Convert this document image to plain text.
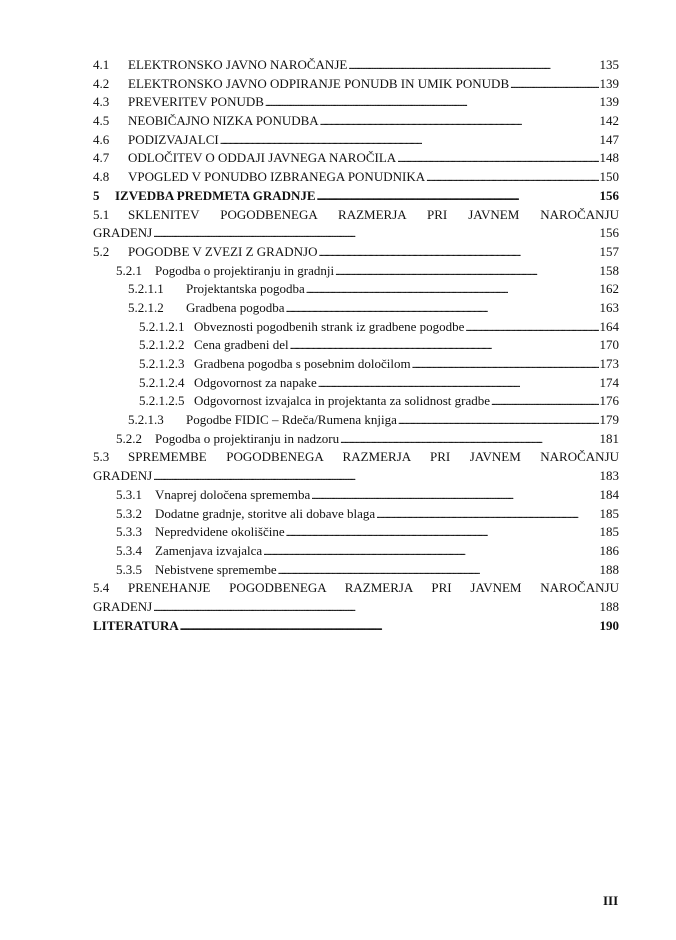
4.1	ELEKTRONSKO JAVNO NAROČANJE . . .	135
4.2	ELEKTRONSKO JAVNO ODPIRANJE PONUDB IN UMIK PONUDB . . .	139
4.3	PREVERITEV PONUDB . . .	139
4.5	NEOBIČAJNO NIZKA PONUDBA . . .	142
4.6	PODIZVAJALCI . . .	147
4.7	ODLOČITEV O ODDAJI JAVNEGA NAROČILA . . .	148
4.8	VPOGLED V PONUDBO IZBRANEGA PONUDNIKA . . .	150
5	IZVEDBA PREDMETA GRADNJE . . .	156
5.1 SKLENITEV POGODBENEGA RAZMERJA PRI JAVNEM NAROČANJU
GRADENJ . . .	156
5.2	POGODBE V ZVEZI Z GRADNJO . . .	157
5.2.1	Pogodba o projektiranju in gradnji . . .	158
5.2.1.1	Projektantska pogodba . . .	162
5.2.1.2	Gradbena pogodba . . .	163
5.2.1.2.1 Obveznosti pogodbenih strank iz gradbene pogodbe . . .	164
5.2.1.2.2 Cena gradbeni del . . .	170
5.2.1.2.3 Gradbena pogodba s posebnim določilom . . .	173
5.2.1.2.4 Odgovornost za napake . . .	174
5.2.1.2.5 Odgovornost izvajalca in projektanta za solidnost gradbe . . .	176
5.2.1.3	Pogodbe FIDIC – Rdeča/Rumena knjiga . . .	179
5.2.2	Pogodba o projektiranju in nadzoru . . .	181
5.3 SPREMEMBE POGODBENEGA RAZMERJA PRI JAVNEM NAROČANJU
GRADENJ . . .	183
5.3.1	Vnaprej določena sprememba . . .	184
5.3.2	Dodatne gradnje, storitve ali dobave blaga . . .	185
5.3.3	Nepredvidene okoliščine . . .	185
5.3.4	Zamenjava izvajalca . . .	186
5.3.5	Nebistvene spremembe . . .	188
5.4 PRENEHANJE POGODBENEGA RAZMERJA PRI JAVNEM NAROČANJU
GRADENJ . . .	188
LITERATURA . . .	190
III
